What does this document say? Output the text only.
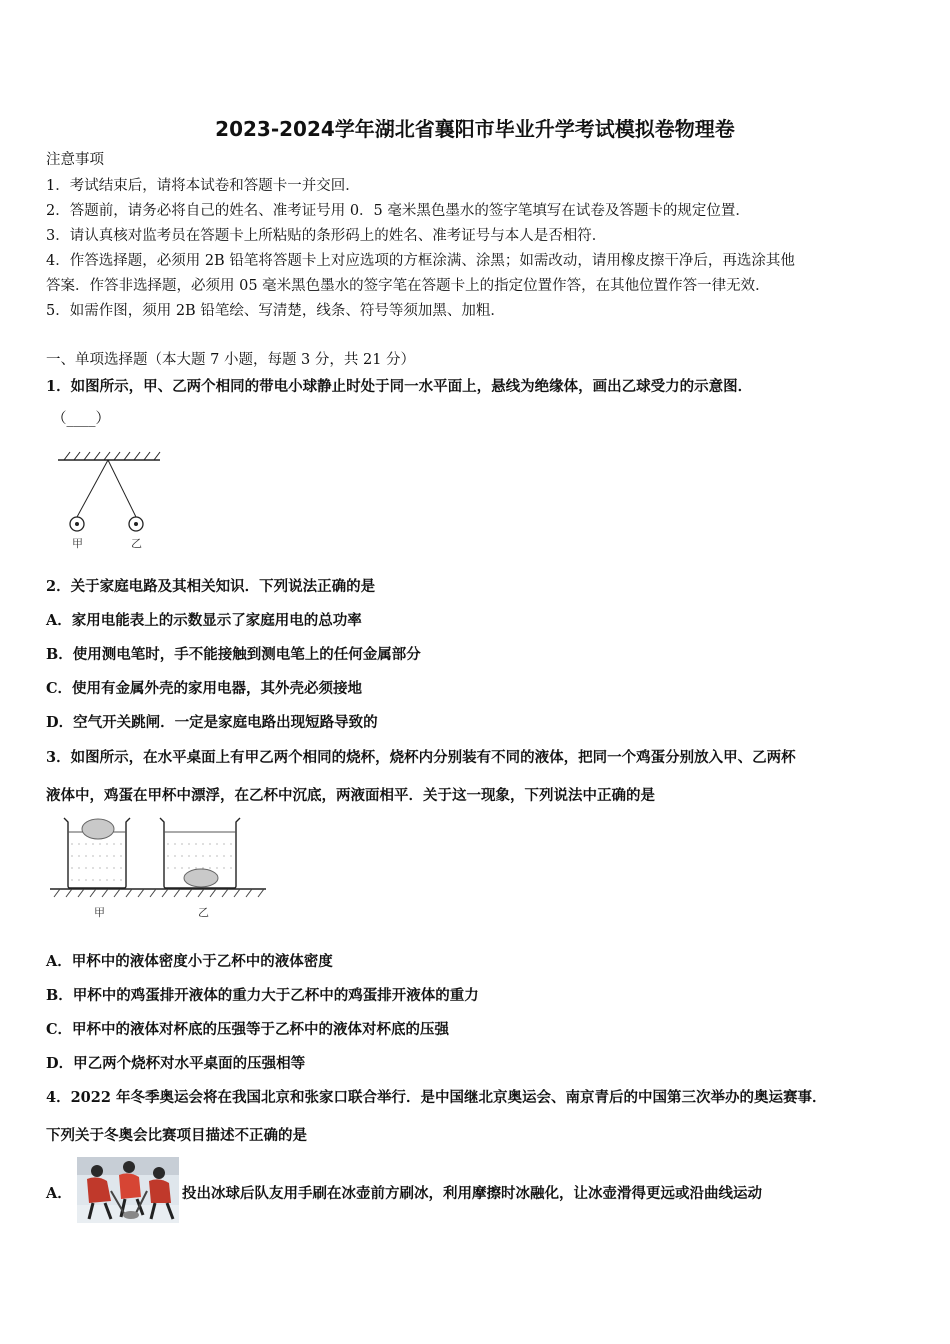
2023-2024学年湖北省襄阳市毕业升学考试模拟卷物理卷
注意事项
1．考试结束后，请将本试卷和答题卡一并交回．
2．答题前，请务必将自己的姓名、准考证号用 0．5 毫米黑色墨水的签字笔填写在试卷及答题卡的规定位置．
3．请认真核对监考员在答题卡上所粘贴的条形码上的姓名、准考证号与本人是否相符．
4．作答选择题，必须用 2B 铅笔将答题卡上对应选项的方框涂满、涂黑；如需改动，请用橡皮擦干净后，再选涂其他
答案．作答非选择题，必须用 05 毫米黑色墨水的签字笔在答题卡上的指定位置作答，在其他位置作答一律无效．
5．如需作图，须用 2B 铅笔绘、写清楚，线条、符号等须加黑、加粗．
一、单项选择题（本大题 7 小题，每题 3 分，共 21 分）
1．如图所示，甲、乙两个相同的带电小球静止时处于同一水平面上，悬线为绝缘体，画出乙球受力的示意图．
（____）
甲	乙
2．关于家庭电路及其相关知识．下列说法正确的是
A．家用电能表上的示数显示了家庭用电的总功率
B．使用测电笔时，手不能接触到测电笔上的任何金属部分
C．使用有金属外壳的家用电器，其外壳必须接地
D．空气开关跳闸．一定是家庭电路出现短路导致的
3．如图所示，在水平桌面上有甲乙两个相同的烧杯，烧杯内分别装有不同的液体，把同一个鸡蛋分别放入甲、乙两杯
液体中，鸡蛋在甲杯中漂浮，在乙杯中沉底，两液面相平．关于这一现象，下列说法中正确的是
甲	乙
A．甲杯中的液体密度小于乙杯中的液体密度
B．甲杯中的鸡蛋排开液体的重力大于乙杯中的鸡蛋排开液体的重力
C．甲杯中的液体对杯底的压强等于乙杯中的液体对杯底的压强
D．甲乙两个烧杯对水平桌面的压强相等
4．2022 年冬季奥运会将在我国北京和张家口联合举行．是中国继北京奥运会、南京青后的中国第三次举办的奥运赛事．
下列关于冬奥会比赛项目描述不正确的是
A．	投出冰球后队友用手刷在冰壶前方刷冰，利用摩擦时冰融化，让冰壶滑得更远或沿曲线运动
